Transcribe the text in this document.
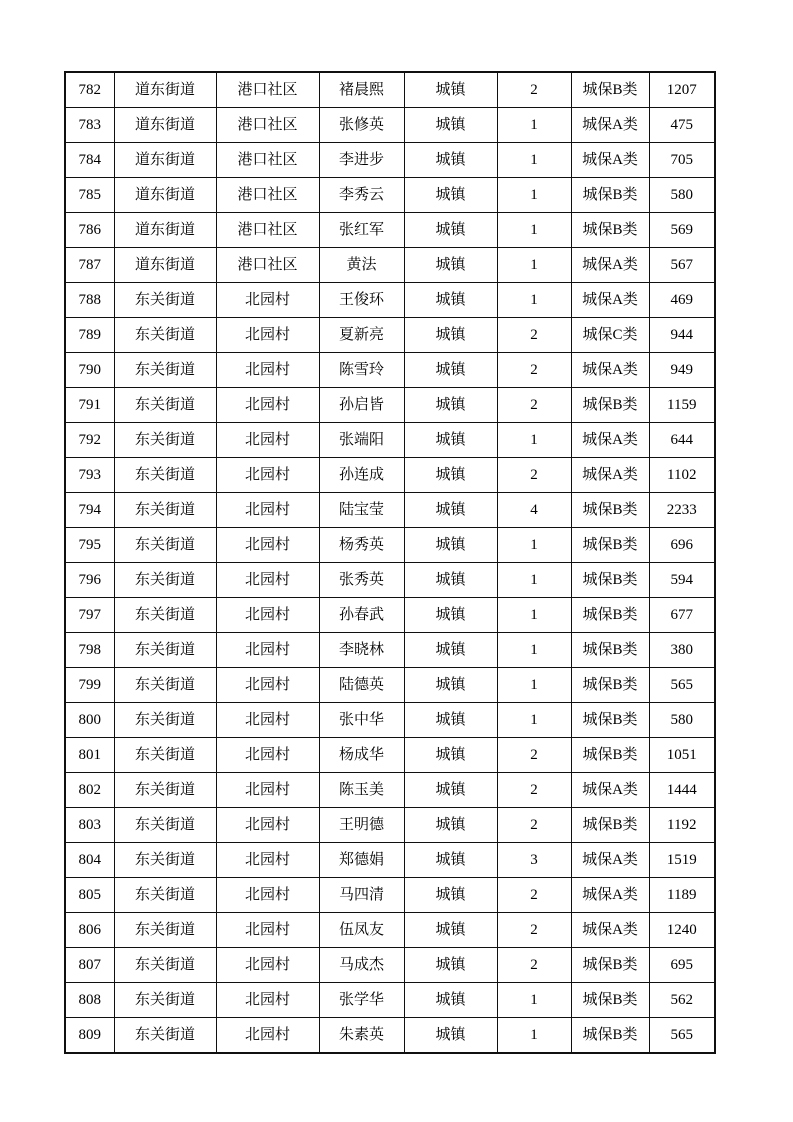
782	道东街道	港口社区	褚晨熙	城镇	2	城保B类	1207
783	道东街道	港口社区	张修英	城镇	1	城保A类	475
784	道东街道	港口社区	李进步	城镇	1	城保A类	705
785	道东街道	港口社区	李秀云	城镇	1	城保B类	580
786	道东街道	港口社区	张红军	城镇	1	城保B类	569
787	道东街道	港口社区	黄法	城镇	1	城保A类	567
788	东关街道	北园村	王俊环	城镇	1	城保A类	469
789	东关街道	北园村	夏新亮	城镇	2	城保C类	944
790	东关街道	北园村	陈雪玲	城镇	2	城保A类	949
791	东关街道	北园村	孙启皆	城镇	2	城保B类	1159
792	东关街道	北园村	张端阳	城镇	1	城保A类	644
793	东关街道	北园村	孙连成	城镇	2	城保A类	1102
794	东关街道	北园村	陆宝莹	城镇	4	城保B类	2233
795	东关街道	北园村	杨秀英	城镇	1	城保B类	696
796	东关街道	北园村	张秀英	城镇	1	城保B类	594
797	东关街道	北园村	孙春武	城镇	1	城保B类	677
798	东关街道	北园村	李晓林	城镇	1	城保B类	380
799	东关街道	北园村	陆德英	城镇	1	城保B类	565
800	东关街道	北园村	张中华	城镇	1	城保B类	580
801	东关街道	北园村	杨成华	城镇	2	城保B类	1051
802	东关街道	北园村	陈玉美	城镇	2	城保A类	1444
803	东关街道	北园村	王明德	城镇	2	城保B类	1192
804	东关街道	北园村	郑德娟	城镇	3	城保A类	1519
805	东关街道	北园村	马四清	城镇	2	城保A类	1189
806	东关街道	北园村	伍凤友	城镇	2	城保A类	1240
807	东关街道	北园村	马成杰	城镇	2	城保B类	695
808	东关街道	北园村	张学华	城镇	1	城保B类	562
809	东关街道	北园村	朱素英	城镇	1	城保B类	565
